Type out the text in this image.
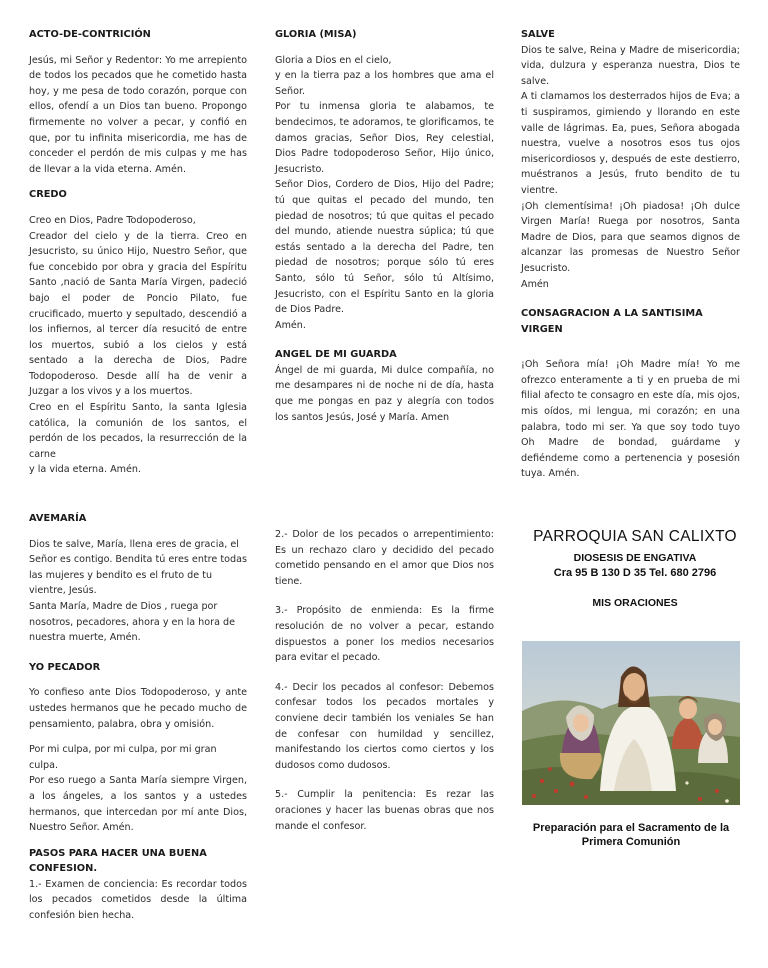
ACTO-DE-CONTRICIÓN

Jesús, mi Señor y Redentor: Yo me arrepiento de todos los pecados que he cometido hasta hoy, y me pesa de todo corazón, porque con ellos, ofendí a un Dios tan bueno. Propongo firmemente no volver a pecar, y confió en que, por tu infinita misericordia, me has de conceder el perdón de mis culpas y me has de llevar a la vida eterna. Amén.

CREDO

Creo en Dios, Padre Todopoderoso,

Creador del cielo y de la tierra. Creo en Jesucristo, su único Hijo, Nuestro Señor, que fue concebido por obra y gracia del Espíritu Santo ,nació de Santa María Virgen, padeció bajo el poder de Poncio Pilato, fue crucificado, muerto y sepultado, descendió a los infiernos, al tercer día resucitó de entre los muertos, subió a los cielos y está sentado a la derecha de Dios, Padre Todopoderoso. Desde allí ha de venir a Juzgar a los vivos y a los muertos.

Creo en el Espíritu Santo, la santa Iglesia católica, la comunión de los santos, el perdón de los pecados, la resurrección de la carne

y la vida eterna. Amén.

GLORIA (MISA)

Gloria a Dios en el cielo,

y en la tierra paz a los hombres que ama el Señor.

Por tu inmensa gloria te alabamos, te bendecimos, te adoramos, te glorificamos, te damos gracias, Señor Dios, Rey celestial, Dios Padre todopoderoso Señor, Hijo único, Jesucristo.

Señor Dios, Cordero de Dios, Hijo del Padre; tú que quitas el pecado del mundo, ten piedad de nosotros; tú que quitas el pecado del mundo, atiende nuestra súplica; tú que estás sentado a la derecha del Padre, ten piedad de nosotros; porque sólo tú eres Santo, sólo tú Señor, sólo tú Altísimo, Jesucristo, con el Espíritu Santo en la gloria de Dios Padre.

Amén.

ANGEL DE MI GUARDA

Ángel de mi guarda, Mi dulce compañía, no me desampares ni de noche ni de día, hasta que me pongas en paz y alegría con todos los santos Jesús, José y María. Amen

SALVE

Dios te salve, Reina y Madre de misericordia; vida, dulzura y esperanza nuestra, Dios te salve.

A ti clamamos los desterrados hijos de Eva; a ti suspiramos, gimiendo y llorando en este valle de lágrimas. Ea, pues, Señora abogada nuestra, vuelve a nosotros esos tus ojos misericordiosos y, después de este destierro, muéstranos a Jesús, fruto bendito de tu vientre.

¡Oh clementísima! ¡Oh piadosa! ¡Oh dulce Virgen María! Ruega por nosotros, Santa Madre de Dios, para que seamos dignos de alcanzar las promesas de Nuestro Señor Jesucristo.

Amén

CONSAGRACION A LA SANTISIMA VIRGEN

¡Oh Señora mía! ¡Oh Madre mía! Yo me ofrezco enteramente a ti y en prueba de mi filial afecto te consagro en este día, mis ojos, mis oídos, mi lengua, mi corazón; en una palabra, todo mi ser. Ya que soy todo tuyo Oh Madre de bondad, guárdame y defiéndeme como a pertenencia y posesión tuya. Amén.

AVEMARÍA

Dios te salve, María, llena eres de gracia, el Señor es contigo. Bendita tú eres entre todas las mujeres y bendito es el fruto de tu vientre, Jesús.

Santa María, Madre de Dios , ruega por nosotros, pecadores, ahora y en la hora de nuestra muerte, Amén.

YO PECADOR

Yo confieso ante Dios Todopoderoso, y ante ustedes hermanos que he pecado mucho de pensamiento, palabra, obra y omisión.

Por mi culpa, por mi culpa, por mi gran culpa.

Por eso ruego a Santa María siempre Virgen, a los ángeles, a los santos y a ustedes hermanos, que intercedan por mí ante Dios, Nuestro Señor. Amén.

PASOS PARA HACER UNA BUENA CONFESION.

1.- Examen de conciencia: Es recordar todos los pecados cometidos desde la última confesión bien hecha.

2.- Dolor de los pecados o arrepentimiento: Es un rechazo claro y decidido del pecado cometido pensando en el amor que Dios nos tiene.

3.- Propósito de enmienda: Es la firme resolución de no volver a pecar, estando dispuestos a poner los medios necesarios para evitar el pecado.

4.- Decir los pecados al confesor: Debemos confesar todos los pecados mortales y conviene decir también los veniales Se han de confesar con humildad y sencillez, manifestando los ciertos como ciertos y los dudosos como dudosos.

5.- Cumplir la penitencia: Es rezar las oraciones y hacer las buenas obras que nos mande el confesor.

PARROQUIA SAN CALIXTO
DIOSESIS DE ENGATIVA
Cra 95 B 130 D 35 Tel. 680 2796
MIS ORACIONES
Preparación para el Sacramento de la Primera Comunión
